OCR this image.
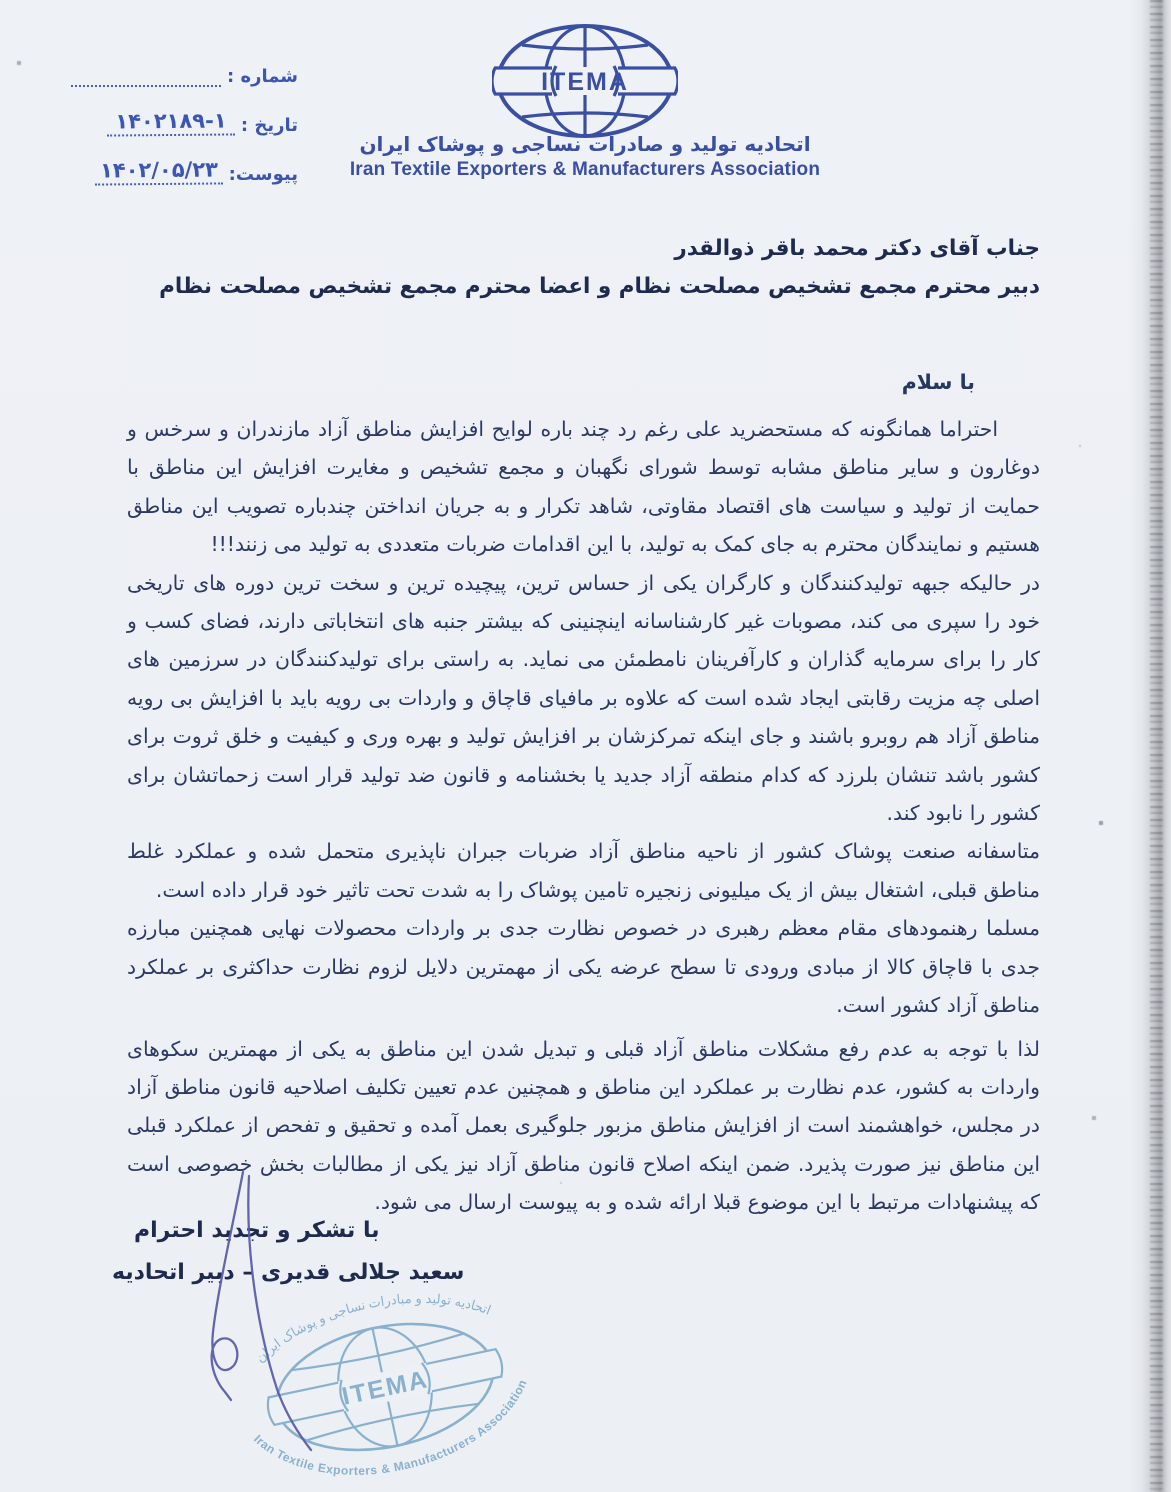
ITEMA
اتحادیه تولید و صادرات نساجی و پوشاک ایران
Iran Textile Exporters & Manufacturers Association
شماره :
تاریخ :
۱۴۰۲۱۸۹-۱
پیوست:
۱۴۰۲/۰۵/۲۳

جناب آقای دکتر محمد باقر ذوالقدر

دبیر محترم مجمع تشخیص مصلحت نظام و اعضا محترم مجمع تشخیص مصلحت نظام

با سلام

احتراما همانگونه که مستحضرید علی رغم رد چند باره لوایح افزایش مناطق آزاد مازندران و سرخس و دوغارون و سایر مناطق مشابه توسط شورای نگهبان و مجمع تشخیص و مغایرت افزایش این مناطق با حمایت از تولید و سیاست های اقتصاد مقاوتی، شاهد تکرار و به جریان انداختن چندباره تصویب این مناطق هستیم و نمایندگان محترم به جای کمک به تولید، با این اقدامات ضربات متعددی به تولید می زنند!!!

در حالیکه جبهه تولیدکنندگان و کارگران یکی از حساس ترین، پیچیده ترین و سخت ترین دوره های تاریخی خود را سپری می کند، مصوبات غیر کارشناسانه اینچنینی که بیشتر جنبه های انتخاباتی دارند، فضای کسب و کار را برای سرمایه گذاران و کارآفرینان نامطمئن می نماید. به راستی برای تولیدکنندگان در سرزمین های اصلی چه مزیت رقابتی ایجاد شده است که علاوه بر مافیای قاچاق و واردات بی رویه باید با افزایش بی رویه مناطق آزاد هم روبرو باشند و جای اینکه تمرکزشان بر افزایش تولید و بهره وری و کیفیت و خلق ثروت برای کشور باشد تنشان بلرزد که کدام منطقه آزاد جدید یا بخشنامه و قانون ضد تولید قرار است زحماتشان برای کشور را نابود کند.

متاسفانه صنعت پوشاک کشور از ناحیه مناطق آزاد ضربات جبران ناپذیری متحمل شده و عملکرد غلط مناطق قبلی، اشتغال بیش از یک میلیونی زنجیره تامین پوشاک را به شدت تحت تاثیر خود قرار داده است.

مسلما رهنمودهای مقام معظم رهبری در خصوص نظارت جدی بر واردات محصولات نهایی همچنین مبارزه جدی با قاچاق کالا از مبادی ورودی تا سطح عرضه یکی از مهمترین دلایل لزوم نظارت حداکثری بر عملکرد مناطق آزاد کشور است.

لذا با توجه به عدم رفع مشکلات مناطق آزاد قبلی و تبدیل شدن این مناطق به یکی از مهمترین سکوهای واردات به کشور، عدم نظارت بر عملکرد این مناطق و همچنین عدم تعیین تکلیف اصلاحیه قانون مناطق آزاد در مجلس، خواهشمند است از افزایش مناطق مزبور جلوگیری بعمل آمده و تحقیق و تفحص از عملکرد قبلی این مناطق نیز صورت پذیرد. ضمن اینکه اصلاح قانون مناطق آزاد نیز یکی از مطالبات بخش خصوصی است که پیشنهادات مرتبط با این موضوع قبلا ارائه شده و به پیوست ارسال می شود.

با تشکر و تجدید احترام

سعید جلالی قدیری – دبیر اتحادیه

ITEMA
اتحادیه تولید و مبادرات نساجی و پوشاک ایران
Iran Textile Exporters & Manufacturers Association
